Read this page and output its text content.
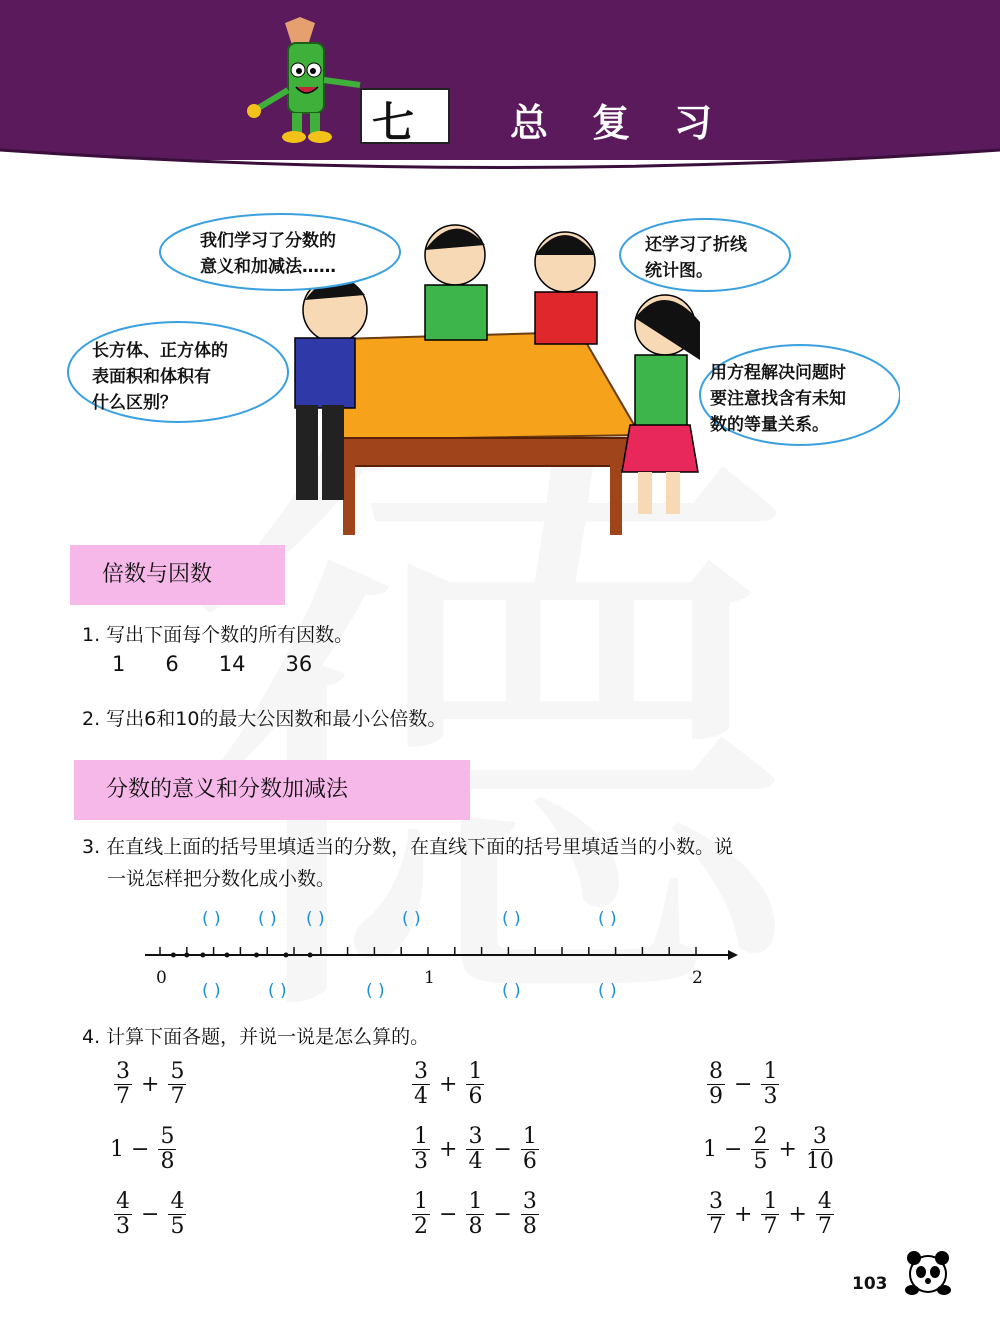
七	总复习
我们学习了分数的
意义和加减法……
还学习了折线
统计图。
长方体、正方体的
表面积和体积有
什么区别？
用方程解决问题时
要注意找含有未知
数的等量关系。
倍数与因数
1. 写出下面每个数的所有因数。
1 6 14 36
2. 写出6和10的最大公因数和最小公倍数。
分数的意义和分数加减法
3. 在直线上面的括号里填适当的分数，在直线下面的括号里填适当的小数。说
一说怎样把分数化成小数。
0	1	2
( ) ( ) ( )	( )	( )	( )
( )	( )	( )	( )	( )
4. 计算下面各题，并说一说是怎么算的。
$\frac{3}{7} + \frac{5}{7}$	$\frac{3}{4} + \frac{1}{6}$	$\frac{8}{9} - \frac{1}{3}$
$1 - \frac{5}{8}$	$\frac{1}{3} + \frac{3}{4} - \frac{1}{6}$	$1 - \frac{2}{5} + \frac{3}{10}$
$\frac{4}{3} - \frac{4}{5}$	$\frac{1}{2} - \frac{1}{8} - \frac{3}{8}$	$\frac{3}{7} + \frac{1}{7} + \frac{4}{7}$
103
